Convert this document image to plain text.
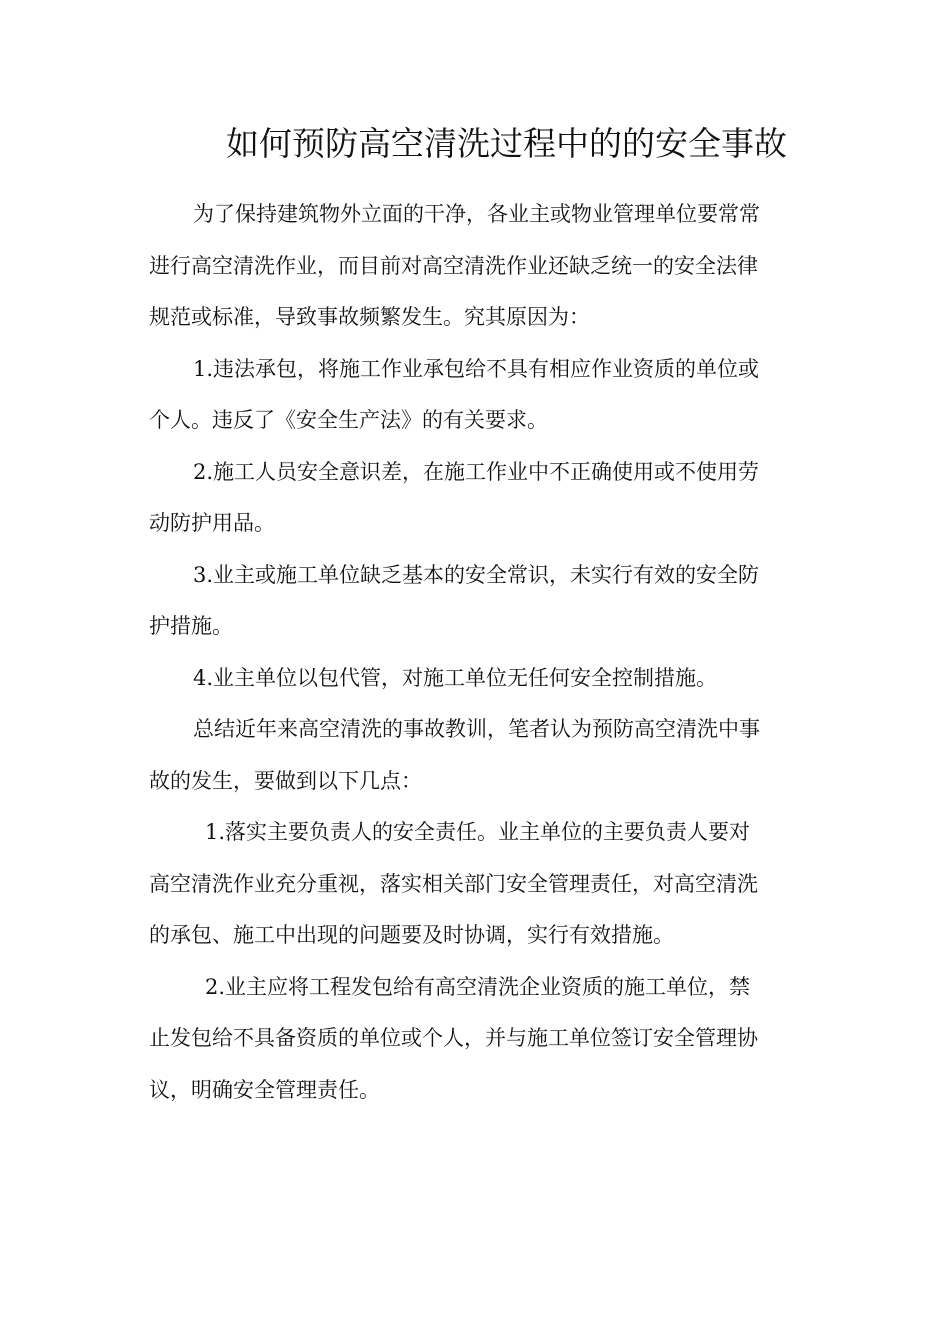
如何预防高空清洗过程中的的安全事故
为了保持建筑物外立面的干净，各业主或物业管理单位要常常
进行高空清洗作业，而目前对高空清洗作业还缺乏统一的安全法律
规范或标准，导致事故频繁发生。究其原因为：
1.违法承包，将施工作业承包给不具有相应作业资质的单位或
个人。违反了《安全生产法》的有关要求。
2.施工人员安全意识差，在施工作业中不正确使用或不使用劳
动防护用品。
3.业主或施工单位缺乏基本的安全常识，未实行有效的安全防
护措施。
4.业主单位以包代管，对施工单位无任何安全控制措施。
总结近年来高空清洗的事故教训，笔者认为预防高空清洗中事
故的发生，要做到以下几点：
1.落实主要负责人的安全责任。业主单位的主要负责人要对
高空清洗作业充分重视，落实相关部门安全管理责任，对高空清洗
的承包、施工中出现的问题要及时协调，实行有效措施。
2.业主应将工程发包给有高空清洗企业资质的施工单位，禁
止发包给不具备资质的单位或个人，并与施工单位签订安全管理协
议，明确安全管理责任。
